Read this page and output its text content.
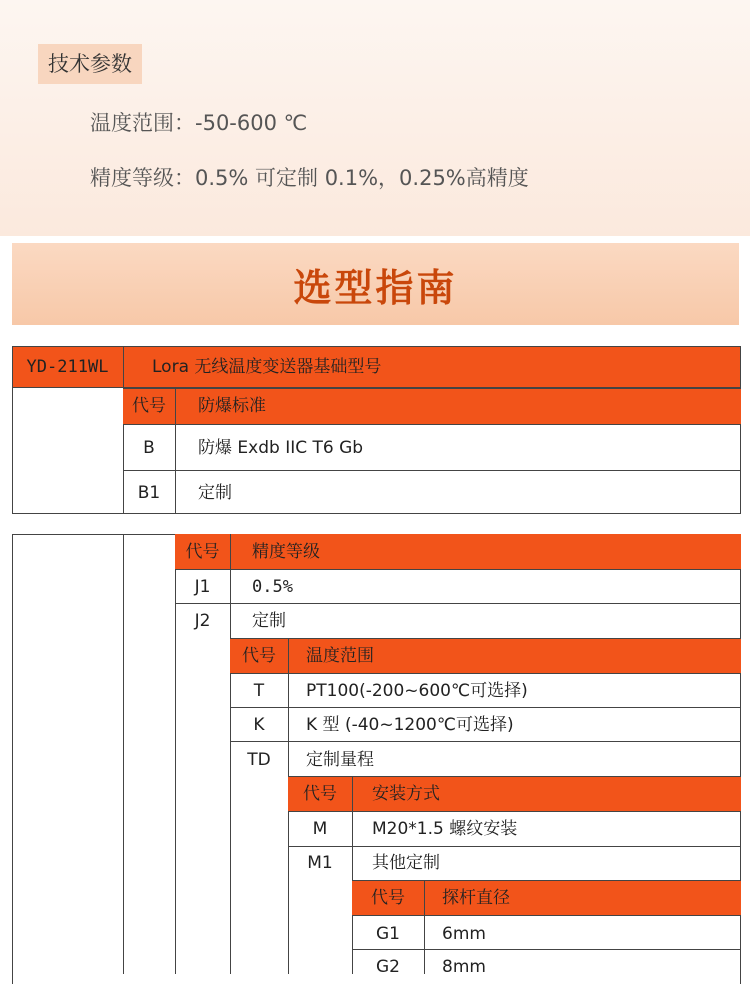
技术参数
温度范围：-50-600 ℃
精度等级：0.5% 可定制 0.1%，0.25%高精度
选型指南
YD-211WL	Lora 无线温度变送器基础型号
代号	防爆标准
B	防爆 Exdb IIC T6 Gb
B1	定制
代号	精度等级
J1	0.5%
J2	定制
代号	温度范围
T	PT100(-200~600℃可选择)
K	K 型 (-40~1200℃可选择)
TD	定制量程
代号	安装方式
M	M20*1.5 螺纹安装
M1	其他定制
代号	探杆直径
G1	6mm
G2	8mm
